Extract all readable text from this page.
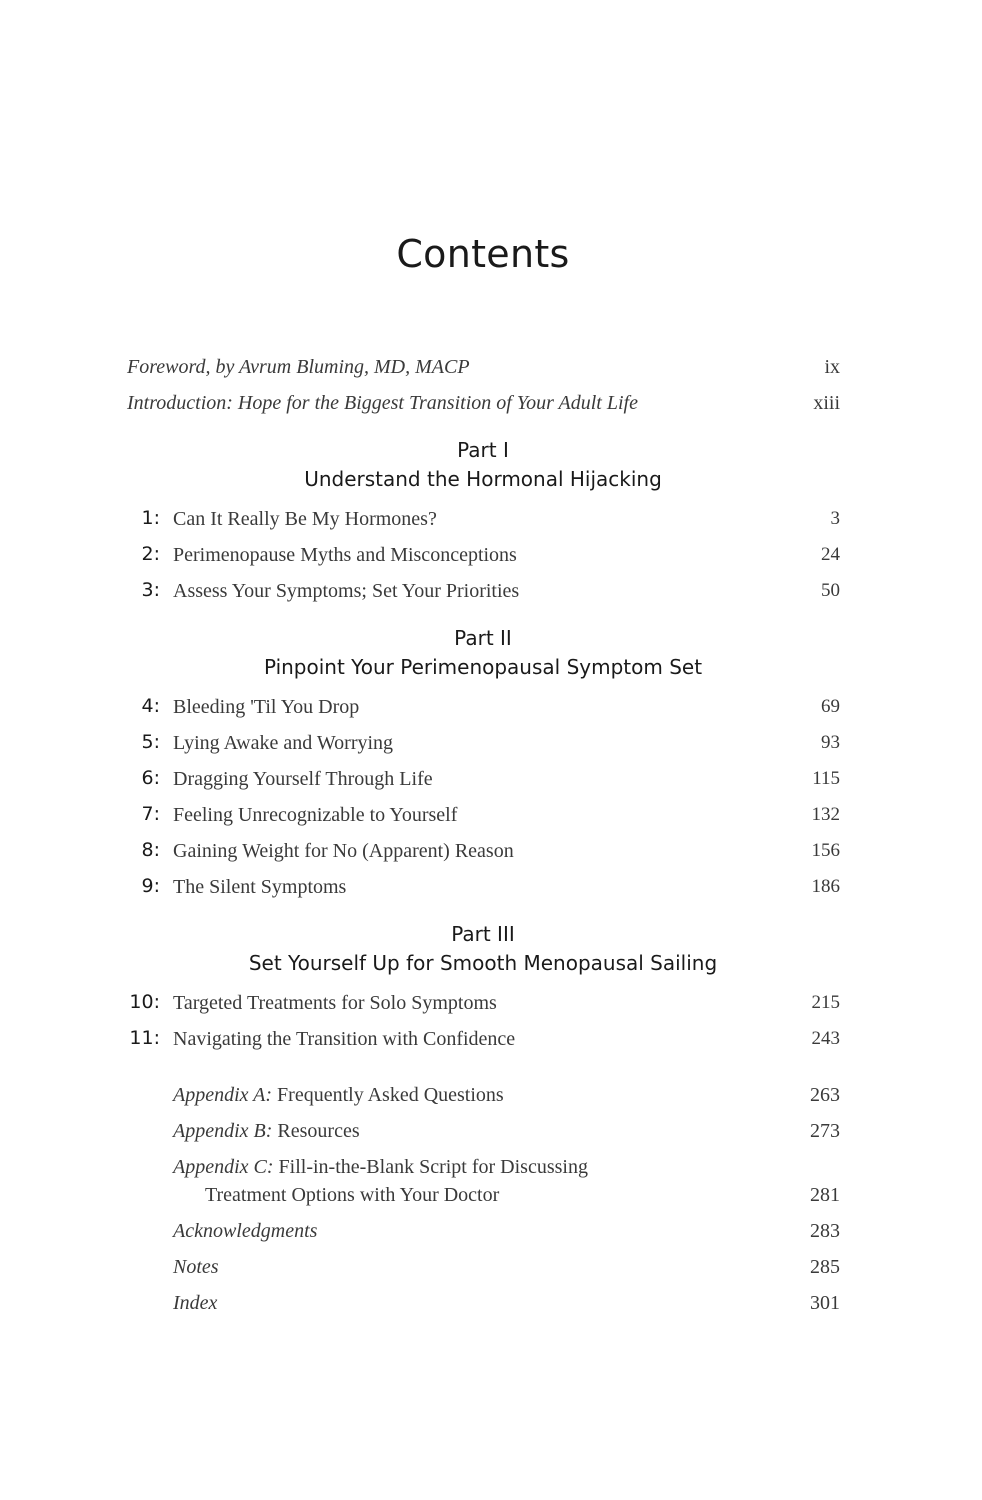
Contents
Foreword, by Avrum Bluming, MD, MACP	ix
Introduction: Hope for the Biggest Transition of Your Adult Life	xiii
Part I
Understand the Hormonal Hijacking
1: Can It Really Be My Hormones?	3
2: Perimenopause Myths and Misconceptions	24
3: Assess Your Symptoms; Set Your Priorities	50
Part II
Pinpoint Your Perimenopausal Symptom Set
4: Bleeding 'Til You Drop	69
5: Lying Awake and Worrying	93
6: Dragging Yourself Through Life	115
7: Feeling Unrecognizable to Yourself	132
8: Gaining Weight for No (Apparent) Reason	156
9: The Silent Symptoms	186
Part III
Set Yourself Up for Smooth Menopausal Sailing
10: Targeted Treatments for Solo Symptoms	215
11: Navigating the Transition with Confidence	243
Appendix A: Frequently Asked Questions	263
Appendix B: Resources	273
Appendix C: Fill-in-the-Blank Script for Discussing
Treatment Options with Your Doctor	281
Acknowledgments	283
Notes	285
Index	301
